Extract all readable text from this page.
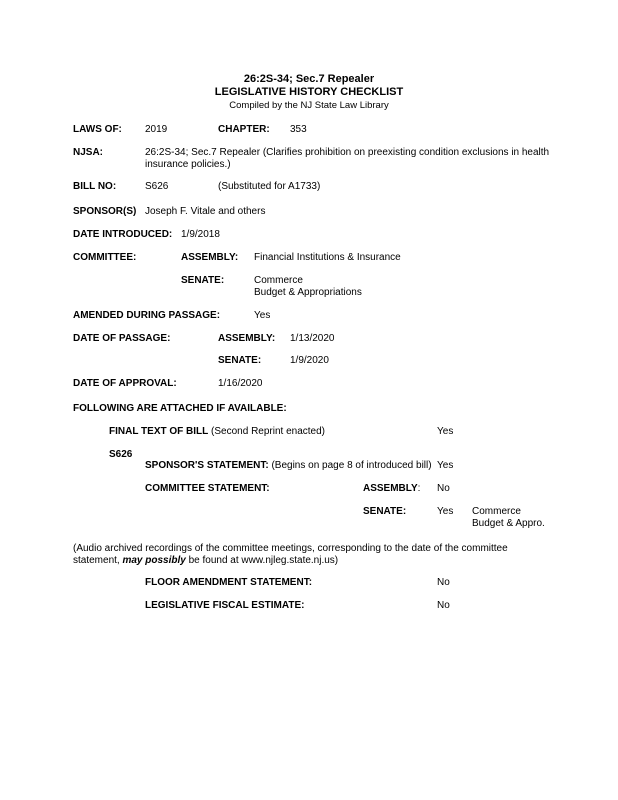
26:2S-34; Sec.7 Repealer
LEGISLATIVE HISTORY CHECKLIST
Compiled by the NJ State Law Library
LAWS OF: 2019	CHAPTER: 353
NJSA:	26:2S-34; Sec.7 Repealer (Clarifies prohibition on preexisting condition exclusions in health insurance policies.)
BILL NO:	S626	(Substituted for A1733)
SPONSOR(S) Joseph F. Vitale and others
DATE INTRODUCED: 1/9/2018
COMMITTEE:	ASSEMBLY: Financial Institutions & Insurance
SENATE:	Commerce
Budget & Appropriations
AMENDED DURING PASSAGE:	Yes
DATE OF PASSAGE:	ASSEMBLY: 1/13/2020
SENATE:	1/9/2020
DATE OF APPROVAL:	1/16/2020
FOLLOWING ARE ATTACHED IF AVAILABLE:
FINAL TEXT OF BILL (Second Reprint enacted)	Yes
S626
SPONSOR'S STATEMENT: (Begins on page 8 of introduced bill) Yes
COMMITTEE STATEMENT:	ASSEMBLY: No
SENATE:	Yes Commerce
Budget & Appro.
(Audio archived recordings of the committee meetings, corresponding to the date of the committee statement, may possibly be found at www.njleg.state.nj.us)
FLOOR AMENDMENT STATEMENT:	No
LEGISLATIVE FISCAL ESTIMATE:	No
